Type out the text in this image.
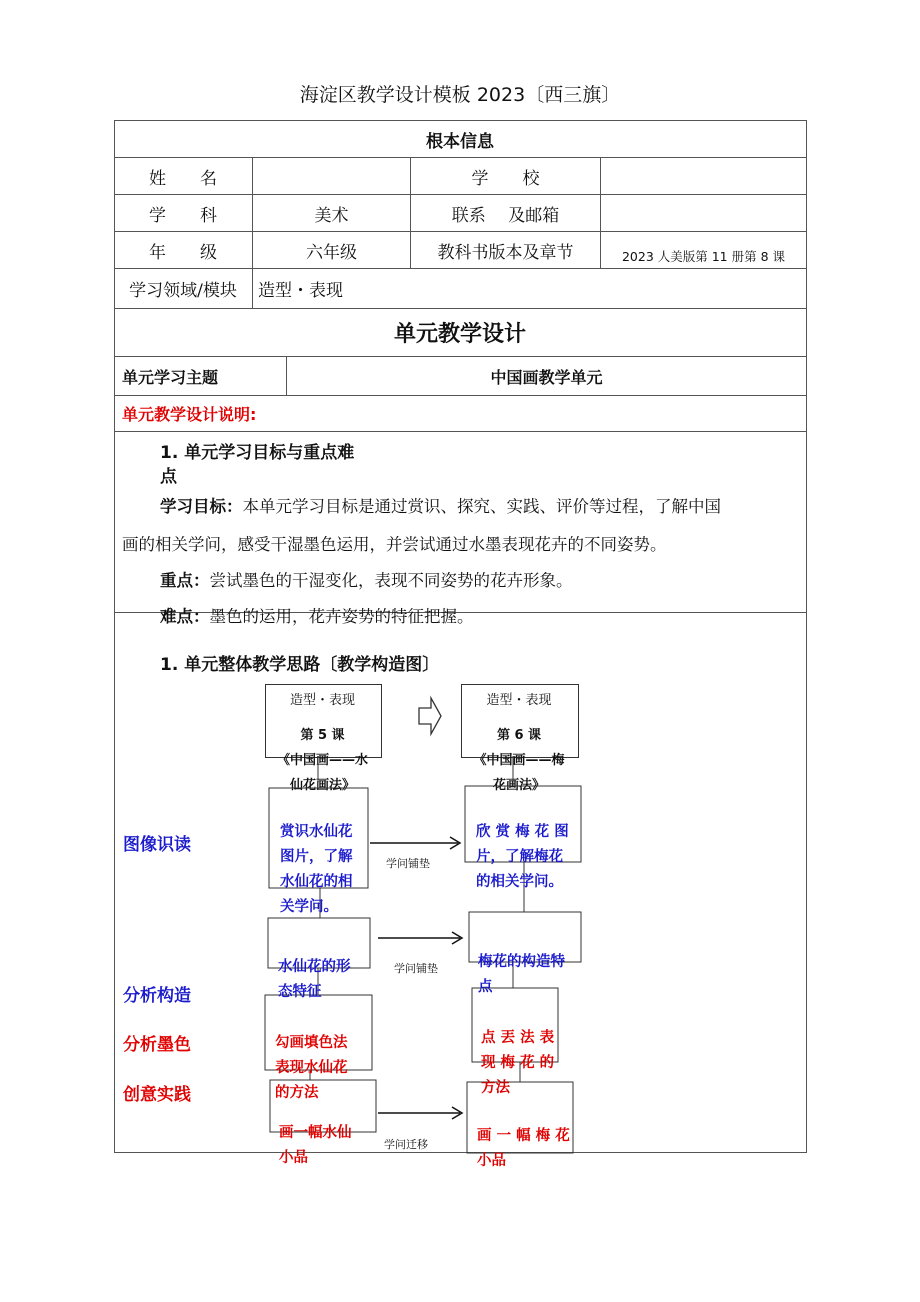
海淀区教学设计模板 2023〔西三旗〕
根本信息
姓　　名	学　　校
学　　科	美术	联系　 及邮箱
年　　级	六年级	教科书版本及章节	2023 人美版第 11 册第 8 课
学习领域/模块	造型・表现
单元教学设计
单元学习主题	中国画教学单元
单元教学设计说明:
1. 单元学习目标与重点难
点
学习目标：本单元学习目标是通过赏识、探究、实践、评价等过程，了解中国
画的相关学问，感受干湿墨色运用，并尝试通过水墨表现花卉的不同姿势。
重点：尝试墨色的干湿变化，表现不同姿势的花卉形象。
难点：墨色的运用，花卉姿势的特征把握。
1. 单元整体教学思路〔教学构造图〕
造型・表现
第 5 课
《中国画——水
仙花画法》
造型・表现
第 6 课
《中国画——梅
花画法》
学问铺垫
学问铺垫
学问迁移
图像识读
分析构造
分析墨色
创意实践
赏识水仙花
图片，了解
水仙花的相
关学问。
水仙花的形
态特征
勾画填色法
表现水仙花
的方法
画一幅水仙
小品
欣 赏 梅 花 图
片，了解梅花
的相关学问。
梅花的构造特
点
点 丟 法 表
现 梅 花 的
方法
画 一 幅 梅 花
小品
